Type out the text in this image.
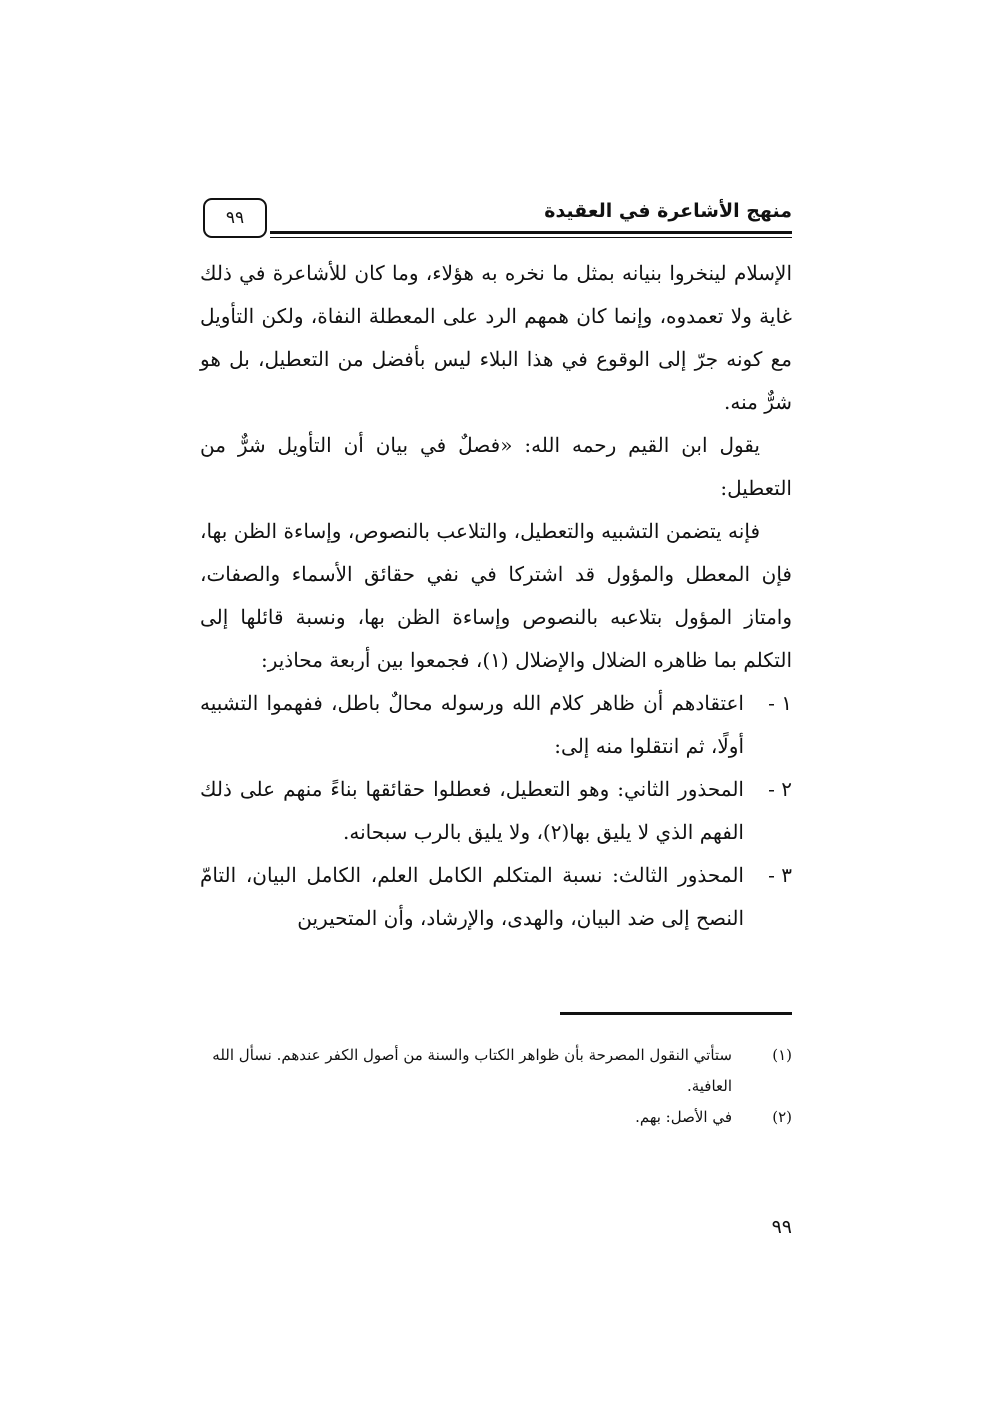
منهج الأشاعرة في العقيدة
٩٩

الإسلام لينخروا بنيانه بمثل ما نخره به هؤلاء، وما كان للأشاعرة في ذلك غاية ولا تعمدوه، وإنما كان همهم الرد على المعطلة النفاة، ولكن التأويل مع كونه جرّ إلى الوقوع في هذا البلاء ليس بأفضل من التعطيل، بل هو شرٌّ منه.

يقول ابن القيم رحمه الله: «فصلٌ في بيان أن التأويل شرٌّ من التعطيل:

فإنه يتضمن التشبيه والتعطيل، والتلاعب بالنصوص، وإساءة الظن بها، فإن المعطل والمؤول قد اشتركا في نفي حقائق الأسماء والصفات، وامتاز المؤول بتلاعبه بالنصوص وإساءة الظن بها، ونسبة قائلها إلى التكلم بما ظاهره الضلال والإضلال (١)، فجمعوا بين أربعة محاذير:

١ -اعتقادهم أن ظاهر كلام الله ورسوله محالٌ باطل، ففهموا التشبيه أولًا، ثم انتقلوا منه إلى:
٢ -المحذور الثاني: وهو التعطيل، فعطلوا حقائقها بناءً منهم على ذلك الفهم الذي لا يليق بها(٢)، ولا يليق بالرب سبحانه.
٣ -المحذور الثالث: نسبة المتكلم الكامل العلم، الكامل البيان، التامّ النصح إلى ضد البيان، والهدى، والإرشاد، وأن المتحيرين
(١)
ستأتي النقول المصرحة بأن ظواهر الكتاب والسنة من أصول الكفر عندهم. نسأل الله العافية.
(٢)
في الأصل: بهم.
٩٩
